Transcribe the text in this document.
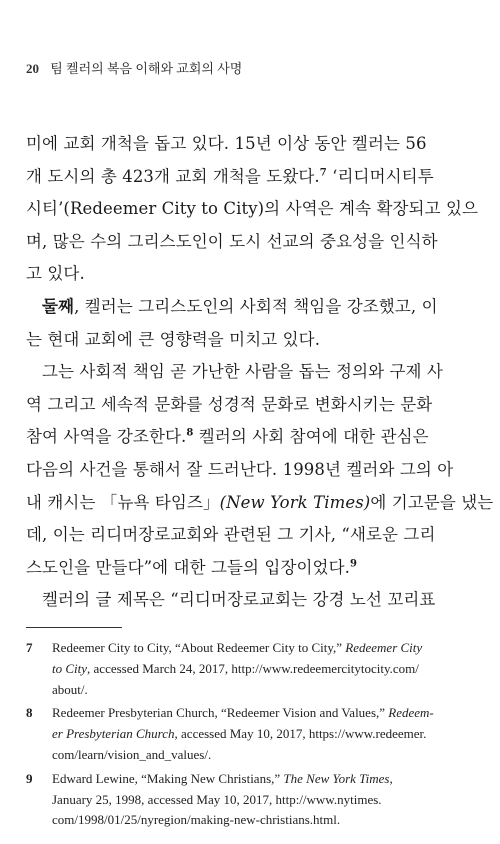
20 팀 켈러의 복음 이해와 교회의 사명
미에 교회 개척을 돕고 있다. 15년 이상 동안 켈러는 56
개 도시의 총 423개 교회 개척을 도왔다.$^7$ ‘리디머시티투
시티’(Redeemer City to City)의 사역은 계속 확장되고 있으
며, 많은 수의 그리스도인이 도시 선교의 중요성을 인식하
고 있다.
둘째, 켈러는 그리스도인의 사회적 책임을 강조했고, 이
는 현대 교회에 큰 영향력을 미치고 있다.
그는 사회적 책임 곧 가난한 사람을 돕는 정의와 구제 사
역 그리고 세속적 문화를 성경적 문화로 변화시키는 문화
참여 사역을 강조한다.$^8$ 켈러의 사회 참여에 대한 관심은
다음의 사건을 통해서 잘 드러난다. 1998년 켈러와 그의 아
내 캐시는 「뉴욕 타임즈」(New York Times)에 기고문을 냈는
데, 이는 리디머장로교회와 관련된 그 기사, “새로운 그리
스도인을 만들다”에 대한 그들의 입장이었다.$^9$
켈러의 글 제목은 “리디머장로교회는 강경 노선 꼬리표
7 Redeemer City to City, “About Redeemer City to City,” Redeemer City
to City, accessed March 24, 2017, http://www.redeemercitytocity.com/
about/.
8 Redeemer Presbyterian Church, “Redeemer Vision and Values,” Redeem-
er Presbyterian Church, accessed May 10, 2017, https://www.redeemer.
com/learn/vision_and_values/.
9 Edward Lewine, “Making New Christians,” The New York Times,
January 25, 1998, accessed May 10, 2017, http://www.nytimes.
com/1998/01/25/nyregion/making-new-christians.html.
